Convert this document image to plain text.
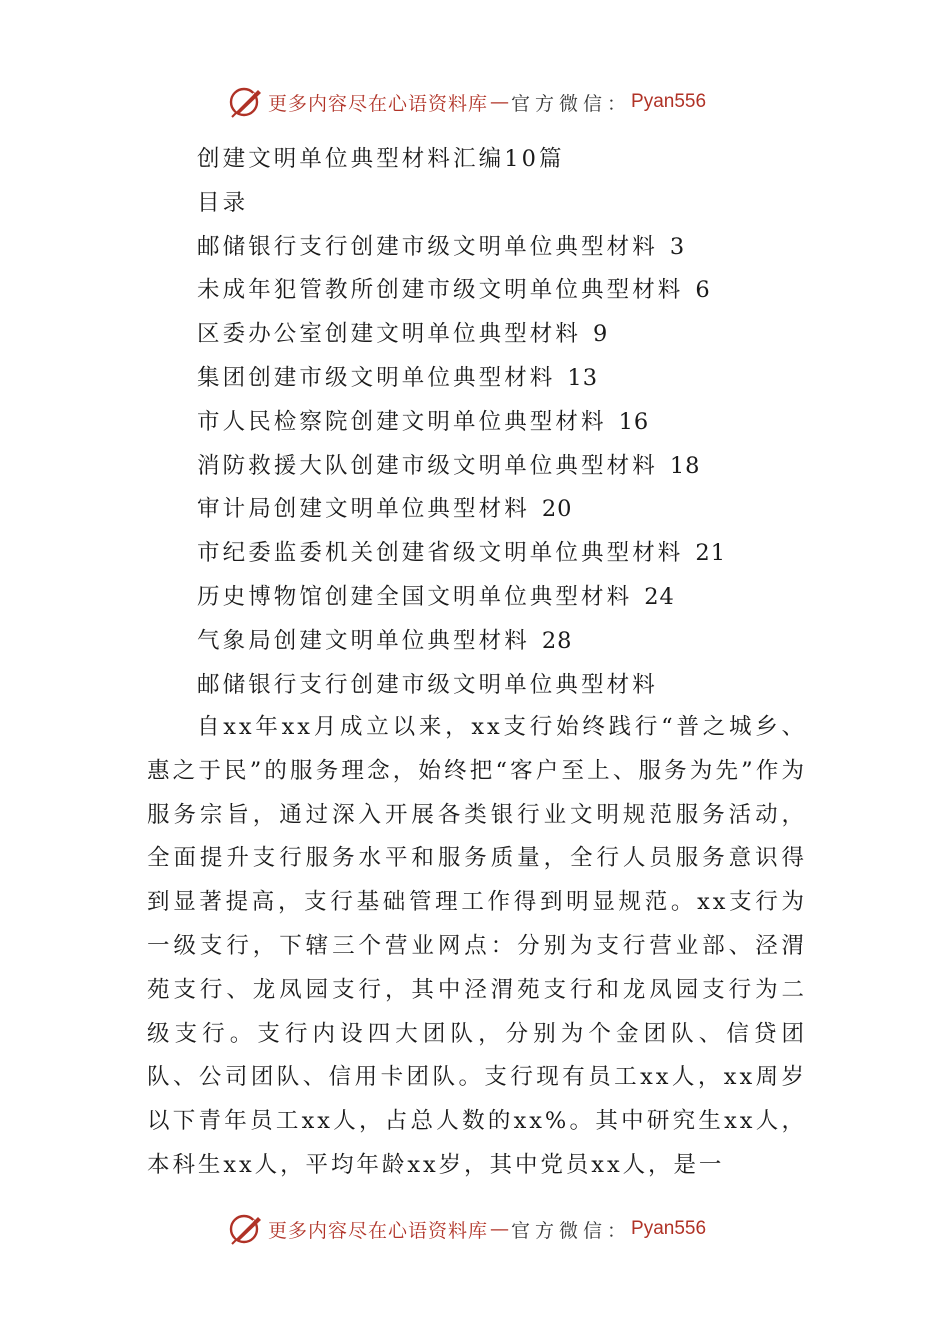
更多内容尽在心语资料库 — 官方微信： Pyan556
创建文明单位典型材料汇编10篇
目录
邮储银行支行创建市级文明单位典型材料 3
未成年犯管教所创建市级文明单位典型材料 6
区委办公室创建文明单位典型材料 9
集团创建市级文明单位典型材料 13
市人民检察院创建文明单位典型材料 16
消防救援大队创建市级文明单位典型材料 18
审计局创建文明单位典型材料 20
市纪委监委机关创建省级文明单位典型材料 21
历史博物馆创建全国文明单位典型材料 24
气象局创建文明单位典型材料 28
邮储银行支行创建市级文明单位典型材料

自xx年xx月成立以来，xx支行始终践行“普之城乡、惠之于民”的服务理念，始终把“客户至上、服务为先”作为服务宗旨，通过深入开展各类银行业文明规范服务活动，全面提升支行服务水平和服务质量，全行人员服务意识得到显著提高，支行基础管理工作得到明显规范。xx支行为一级支行，下辖三个营业网点：分别为支行营业部、泾渭苑支行、龙凤园支行，其中泾渭苑支行和龙凤园支行为二级支行。支行内设四大团队，分别为个金团队、信贷团队、公司团队、信用卡团队。支行现有员工xx人，xx周岁以下青年员工xx人，占总人数的xx%。其中研究生xx人，本科生xx人，平均年龄xx岁，其中党员xx人，是一

更多内容尽在心语资料库 — 官方微信： Pyan556
